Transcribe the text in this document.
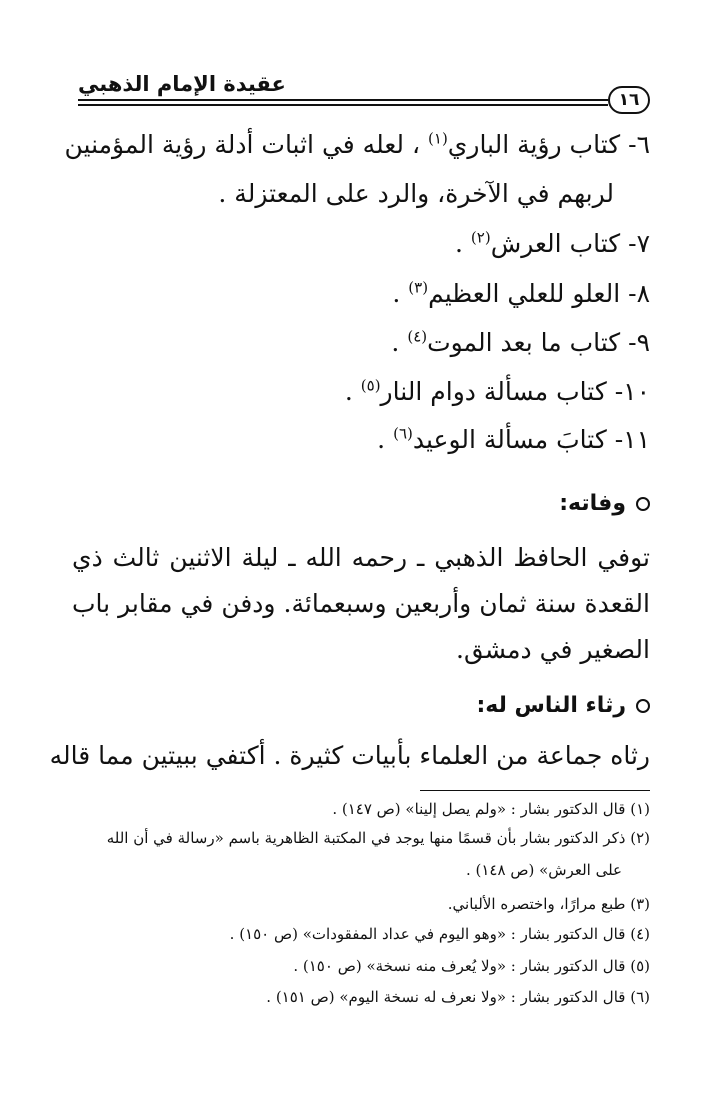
عقيدة الإمام الذهبي
١٦
٦- كتاب رؤية الباري$^{(١)}$ ، لعله في اثبات أدلة رؤية المؤمنين
لربهم في الآخرة، والرد على المعتزلة .
٧- كتاب العرش$^{(٢)}$ .
٨- العلو للعلي العظيم$^{(٣)}$ .
٩- كتاب ما بعد الموت$^{(٤)}$ .
١٠- كتاب مسألة دوام النار$^{(٥)}$ .
١١- كتابَ مسألة الوعيد$^{(٦)}$ .
وفاته:
توفي الحافظ الذهبي ـ رحمه الله ـ ليلة الاثنين ثالث ذي
القعدة سنة ثمان وأربعين وسبعمائة. ودفن في مقابر باب
الصغير في دمشق.
رثاء الناس له:
رثاه جماعة من العلماء بأبيات كثيرة . أكتفي ببيتين مما قاله
(١) قال الدكتور بشار : «ولم يصل إلينا» (ص ١٤٧) .
(٢) ذكر الدكتور بشار بأن قسمًا منها يوجد في المكتبة الظاهرية باسم «رسالة في أن الله
على العرش» (ص ١٤٨) .
(٣) طبع مرارًا، واختصره الألباني.
(٤) قال الدكتور بشار : «وهو اليوم في عداد المفقودات» (ص ١٥٠) .
(٥) قال الدكتور بشار : «ولا يُعرف منه نسخة» (ص ١٥٠) .
(٦) قال الدكتور بشار : «ولا نعرف له نسخة اليوم» (ص ١٥١) .
